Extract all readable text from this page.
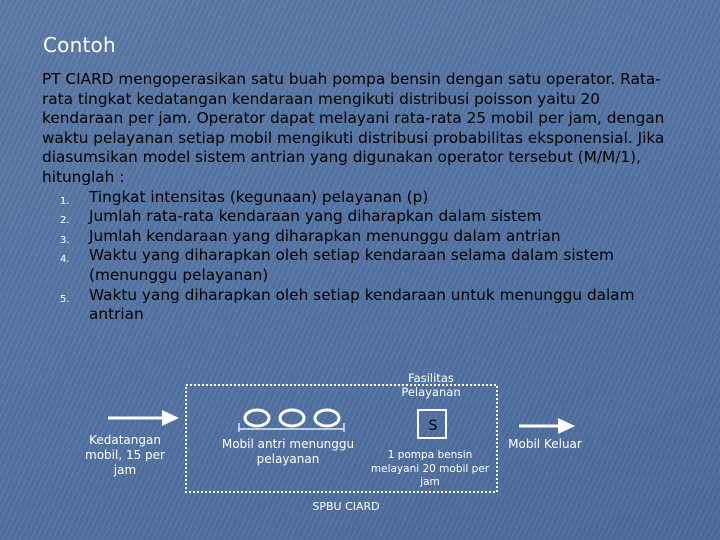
Contoh

PT CIARD mengoperasikan satu buah pompa bensin dengan satu operator. Rata-rata tingkat kedatangan kendaraan mengikuti distribusi poisson yaitu 20 kendaraan per jam. Operator dapat melayani rata-rata 25 mobil per jam, dengan waktu pelayanan setiap mobil mengikuti distribusi probabilitas eksponensial. Jika diasumsikan model sistem antrian yang digunakan operator tersebut (M/M/1), hitunglah :

1. Tingkat intensitas (kegunaan) pelayanan (p)
2. Jumlah rata-rata kendaraan yang diharapkan dalam sistem
3. Jumlah kendaraan yang diharapkan menunggu dalam antrian
4. Waktu yang diharapkan oleh setiap kendaraan selama dalam sistem (menunggu pelayanan)
5. Waktu yang diharapkan oleh setiap kendaraan untuk menunggu dalam antrian
Fasilitas Pelayanan
Kedatangan mobil, 15 per jam
Mobil antri menunggu pelayanan
S
1 pompa bensin melayani 20 mobil per jam
Mobil Keluar
SPBU CIARD
